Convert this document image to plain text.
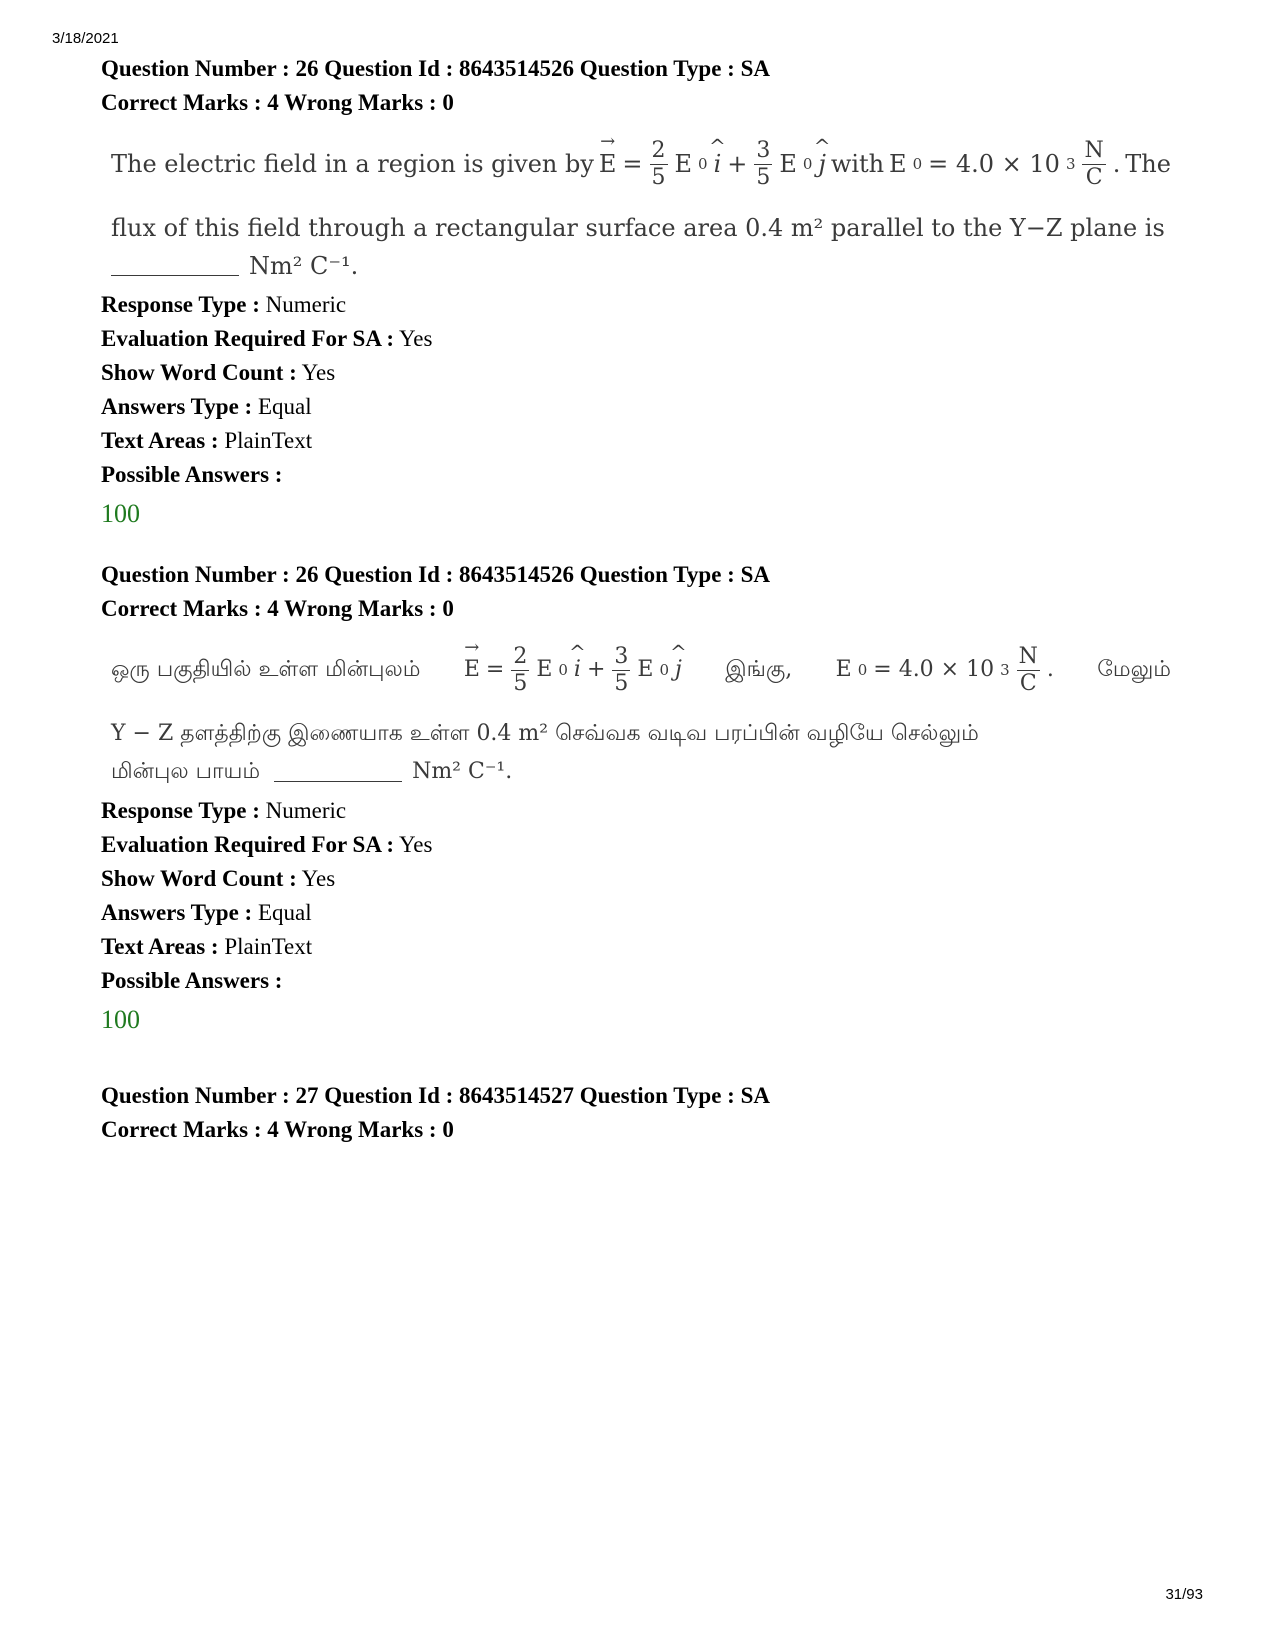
3/18/2021
Question Number : 26 Question Id : 8643514526 Question Type : SA
Correct Marks : 4 Wrong Marks : 0
The electric field in a region is given by → $E = \frac{2}{5}$ E 0 ^ $i + \frac{3}{5}$ E 0 ^ j with E 0 = 4.0 × 10 $3 \frac{N}{C}$ . The
flux of this field through a rectangular surface area 0.4 m² parallel to the Y−Z plane is
Nm² C⁻¹.
Response Type : Numeric
Evaluation Required For SA : Yes
Show Word Count : Yes
Answers Type : Equal
Text Areas : PlainText
Possible Answers :
100
Question Number : 26 Question Id : 8643514526 Question Type : SA
Correct Marks : 4 Wrong Marks : 0
ஒரு பகுதியில் உள்ள மின்புலம் → $E = \frac{2}{5}$ E 0 ^ $i + \frac{3}{5}$ E 0 ^ j இங்கு, E 0 = 4.0 × 10 $3 \frac{N}{C}$ . மேலும்
Y − Z தளத்திற்கு இணையாக உள்ள 0.4 m² செவ்வக வடிவ பரப்பின் வழியே செல்லும்
மின்புல பாயம்	Nm² C⁻¹.
Response Type : Numeric
Evaluation Required For SA : Yes
Show Word Count : Yes
Answers Type : Equal
Text Areas : PlainText
Possible Answers :
100
Question Number : 27 Question Id : 8643514527 Question Type : SA
Correct Marks : 4 Wrong Marks : 0
31/93
